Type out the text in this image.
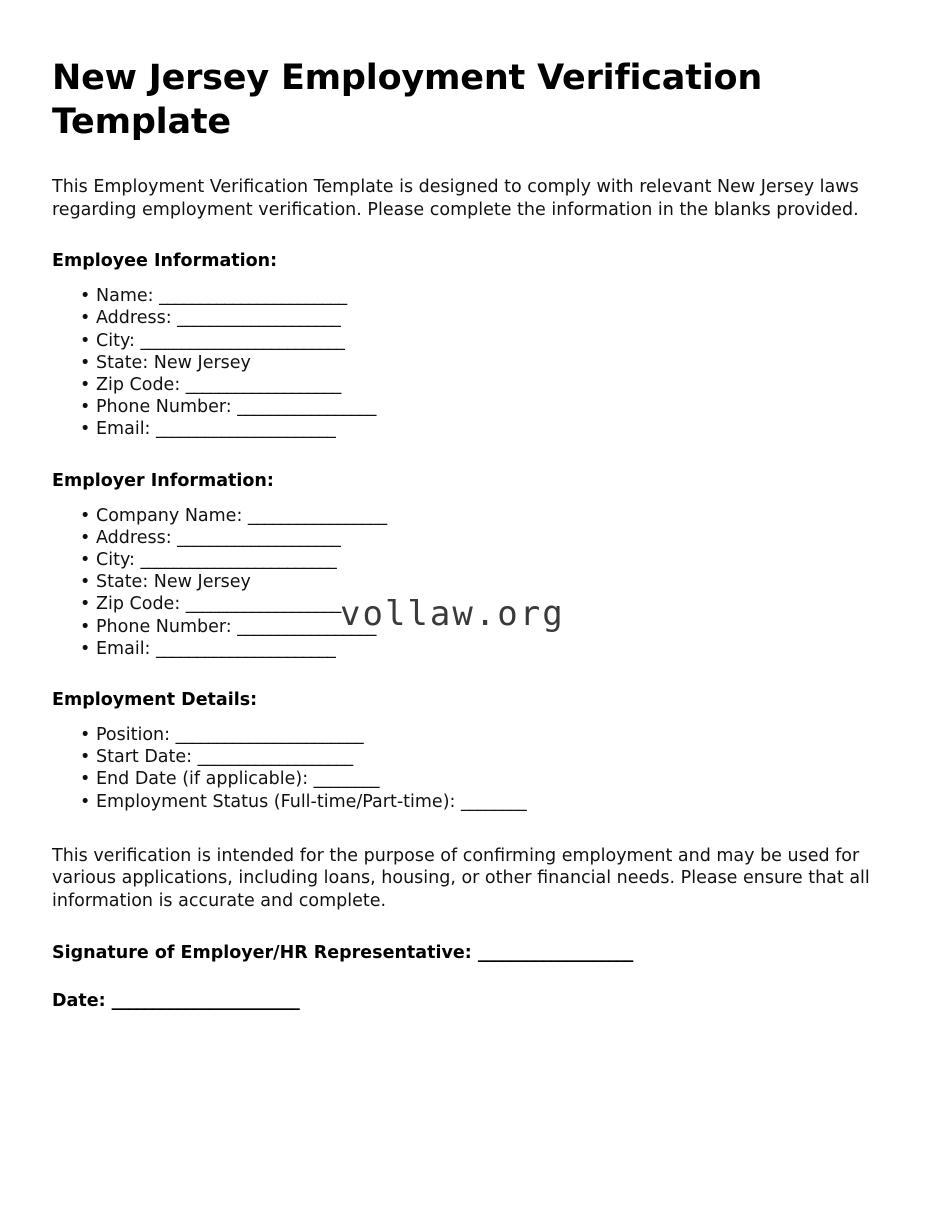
New Jersey Employment Verification Template

This Employment Verification Template is designed to comply with relevant New Jersey laws regarding employment verification. Please complete the information in the blanks provided.

Employee Information:
• Name: _______________________
• Address: ____________________
• City: _________________________
• State: New Jersey
• Zip Code: ___________________
• Phone Number: _________________
• Email: ______________________
Employer Information:
• Company Name: _________________
• Address: ____________________
• City: ________________________
• State: New Jersey
• Zip Code: ___________________
• Phone Number: _________________
• Email: ______________________
Employment Details:
• Position: _______________________
• Start Date: ___________________
• End Date (if applicable): ________
• Employment Status (Full-time/Part-time): ________

This verification is intended for the purpose of confirming employment and may be used for various applications, including loans, housing, or other financial needs. Please ensure that all information is accurate and complete.

Signature of Employer/HR Representative: ___________________

Date: _______________________

vollaw.org
